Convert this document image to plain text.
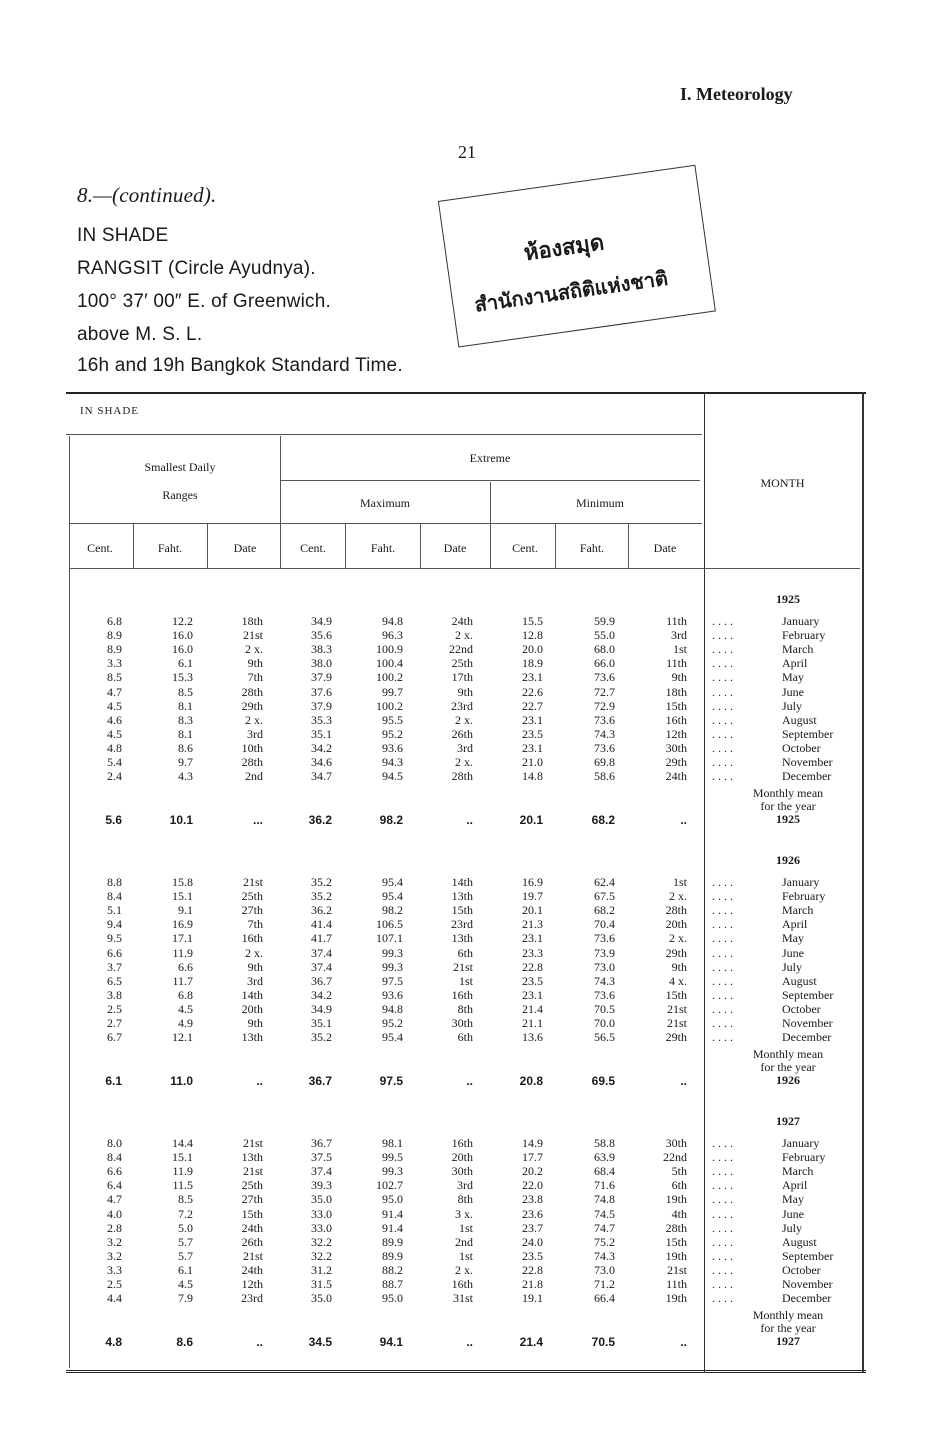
I. Meteorology
21
8.—(continued).
IN SHADE
RANGSIT (Circle Ayudnya).
100° 37′ 00″ E. of Greenwich.
above M. S. L.
16h and 19h Bangkok Standard Time.
ห้องสมุด
สำนักงานสถิติแห่งชาติ
IN SHADE
Smallest Daily
Ranges
Extreme
Maximum	Minimum
MONTH
Cent.	Faht.	Date	Cent.	Faht.	Date	Cent.	Faht.	Date
1925
6.8	12.2	18th	34.9	94.8	24th	15.5	59.9	11th . . . .	January
8.9	16.0	21st	35.6	96.3	2 x.	12.8	55.0	3rd . . . .	February
8.9	16.0	2 x.	38.3	100.9	22nd	20.0	68.0	1st . . . .	March
3.3	6.1	9th	38.0	100.4	25th	18.9	66.0	11th . . . .	April
8.5	15.3	7th	37.9	100.2	17th	23.1	73.6	9th . . . .	May
4.7	8.5	28th	37.6	99.7	9th	22.6	72.7	18th . . . .	June
4.5	8.1	29th	37.9	100.2	23rd	22.7	72.9	15th . . . .	July
4.6	8.3	2 x.	35.3	95.5	2 x.	23.1	73.6	16th . . . .	August
4.5	8.1	3rd	35.1	95.2	26th	23.5	74.3	12th . . . .	September
4.8	8.6	10th	34.2	93.6	3rd	23.1	73.6	30th . . . .	October
5.4	9.7	28th	34.6	94.3	2 x.	21.0	69.8	29th . . . .	November
2.4	4.3	2nd	34.7	94.5	28th	14.8	58.6	24th . . . .	December
Monthly mean
for the year
1925
5.6	10.1	...	36.2	98.2	..	20.1	68.2	..
1926
8.8	15.8	21st	35.2	95.4	14th	16.9	62.4	1st . . . .	January
8.4	15.1	25th	35.2	95.4	13th	19.7	67.5	2 x. . . . .	February
5.1	9.1	27th	36.2	98.2	15th	20.1	68.2	28th . . . .	March
9.4	16.9	7th	41.4	106.5	23rd	21.3	70.4	20th . . . .	April
9.5	17.1	16th	41.7	107.1	13th	23.1	73.6	2 x. . . . .	May
6.6	11.9	2 x.	37.4	99.3	6th	23.3	73.9	29th . . . .	June
3.7	6.6	9th	37.4	99.3	21st	22.8	73.0	9th . . . .	July
6.5	11.7	3rd	36.7	97.5	1st	23.5	74.3	4 x. . . . .	August
3.8	6.8	14th	34.2	93.6	16th	23.1	73.6	15th . . . .	September
2.5	4.5	20th	34.9	94.8	8th	21.4	70.5	21st . . . .	October
2.7	4.9	9th	35.1	95.2	30th	21.1	70.0	21st . . . .	November
6.7	12.1	13th	35.2	95.4	6th	13.6	56.5	29th . . . .	December
Monthly mean
for the year
1926
6.1	11.0	..	36.7	97.5	..	20.8	69.5	..
1927
8.0	14.4	21st	36.7	98.1	16th	14.9	58.8	30th . . . .	January
8.4	15.1	13th	37.5	99.5	20th	17.7	63.9	22nd . . . .	February
6.6	11.9	21st	37.4	99.3	30th	20.2	68.4	5th . . . .	March
6.4	11.5	25th	39.3	102.7	3rd	22.0	71.6	6th . . . .	April
4.7	8.5	27th	35.0	95.0	8th	23.8	74.8	19th . . . .	May
4.0	7.2	15th	33.0	91.4	3 x.	23.6	74.5	4th . . . .	June
2.8	5.0	24th	33.0	91.4	1st	23.7	74.7	28th . . . .	July
3.2	5.7	26th	32.2	89.9	2nd	24.0	75.2	15th . . . .	August
3.2	5.7	21st	32.2	89.9	1st	23.5	74.3	19th . . . .	September
3.3	6.1	24th	31.2	88.2	2 x.	22.8	73.0	21st . . . .	October
2.5	4.5	12th	31.5	88.7	16th	21.8	71.2	11th . . . .	November
4.4	7.9	23rd	35.0	95.0	31st	19.1	66.4	19th . . . .	December
Monthly mean
for the year
1927
4.8	8.6	..	34.5	94.1	..	21.4	70.5	..
